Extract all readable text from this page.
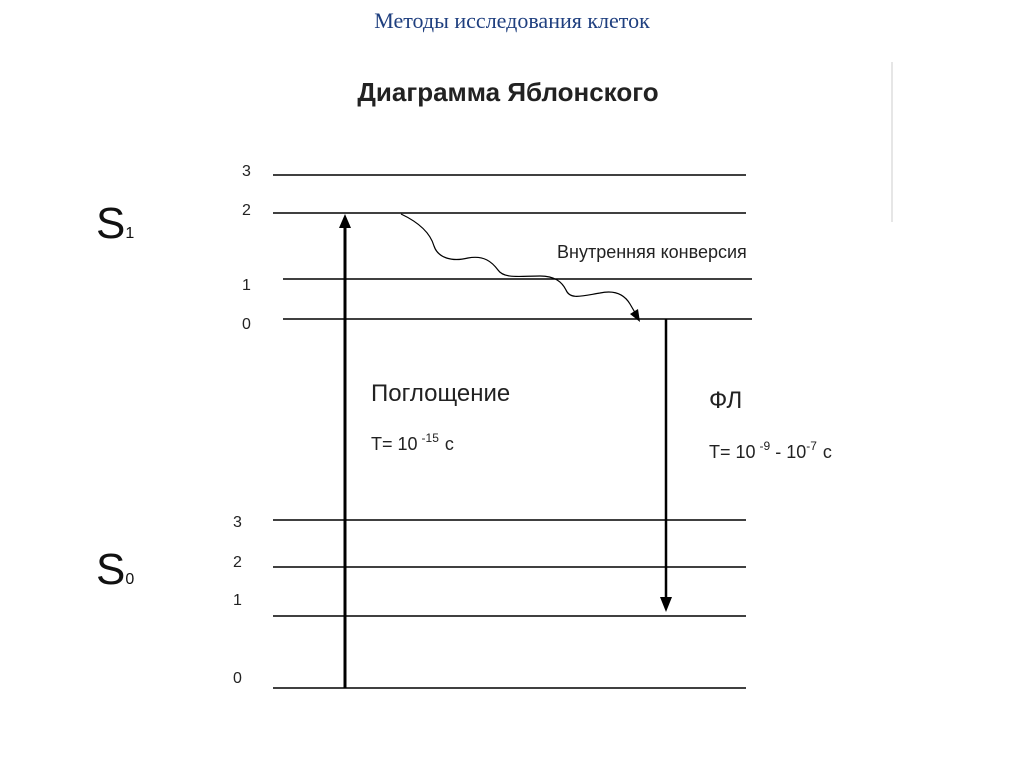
Методы исследования клеток
Диаграмма Яблонского
S1
3
2
1
0
S0
3
2
1
0
Внутренняя конверсия
Поглощение
T= 10 $^{-15}$ с
ФЛ
T= 10 $^{-9} - 10^{-7}$ с
